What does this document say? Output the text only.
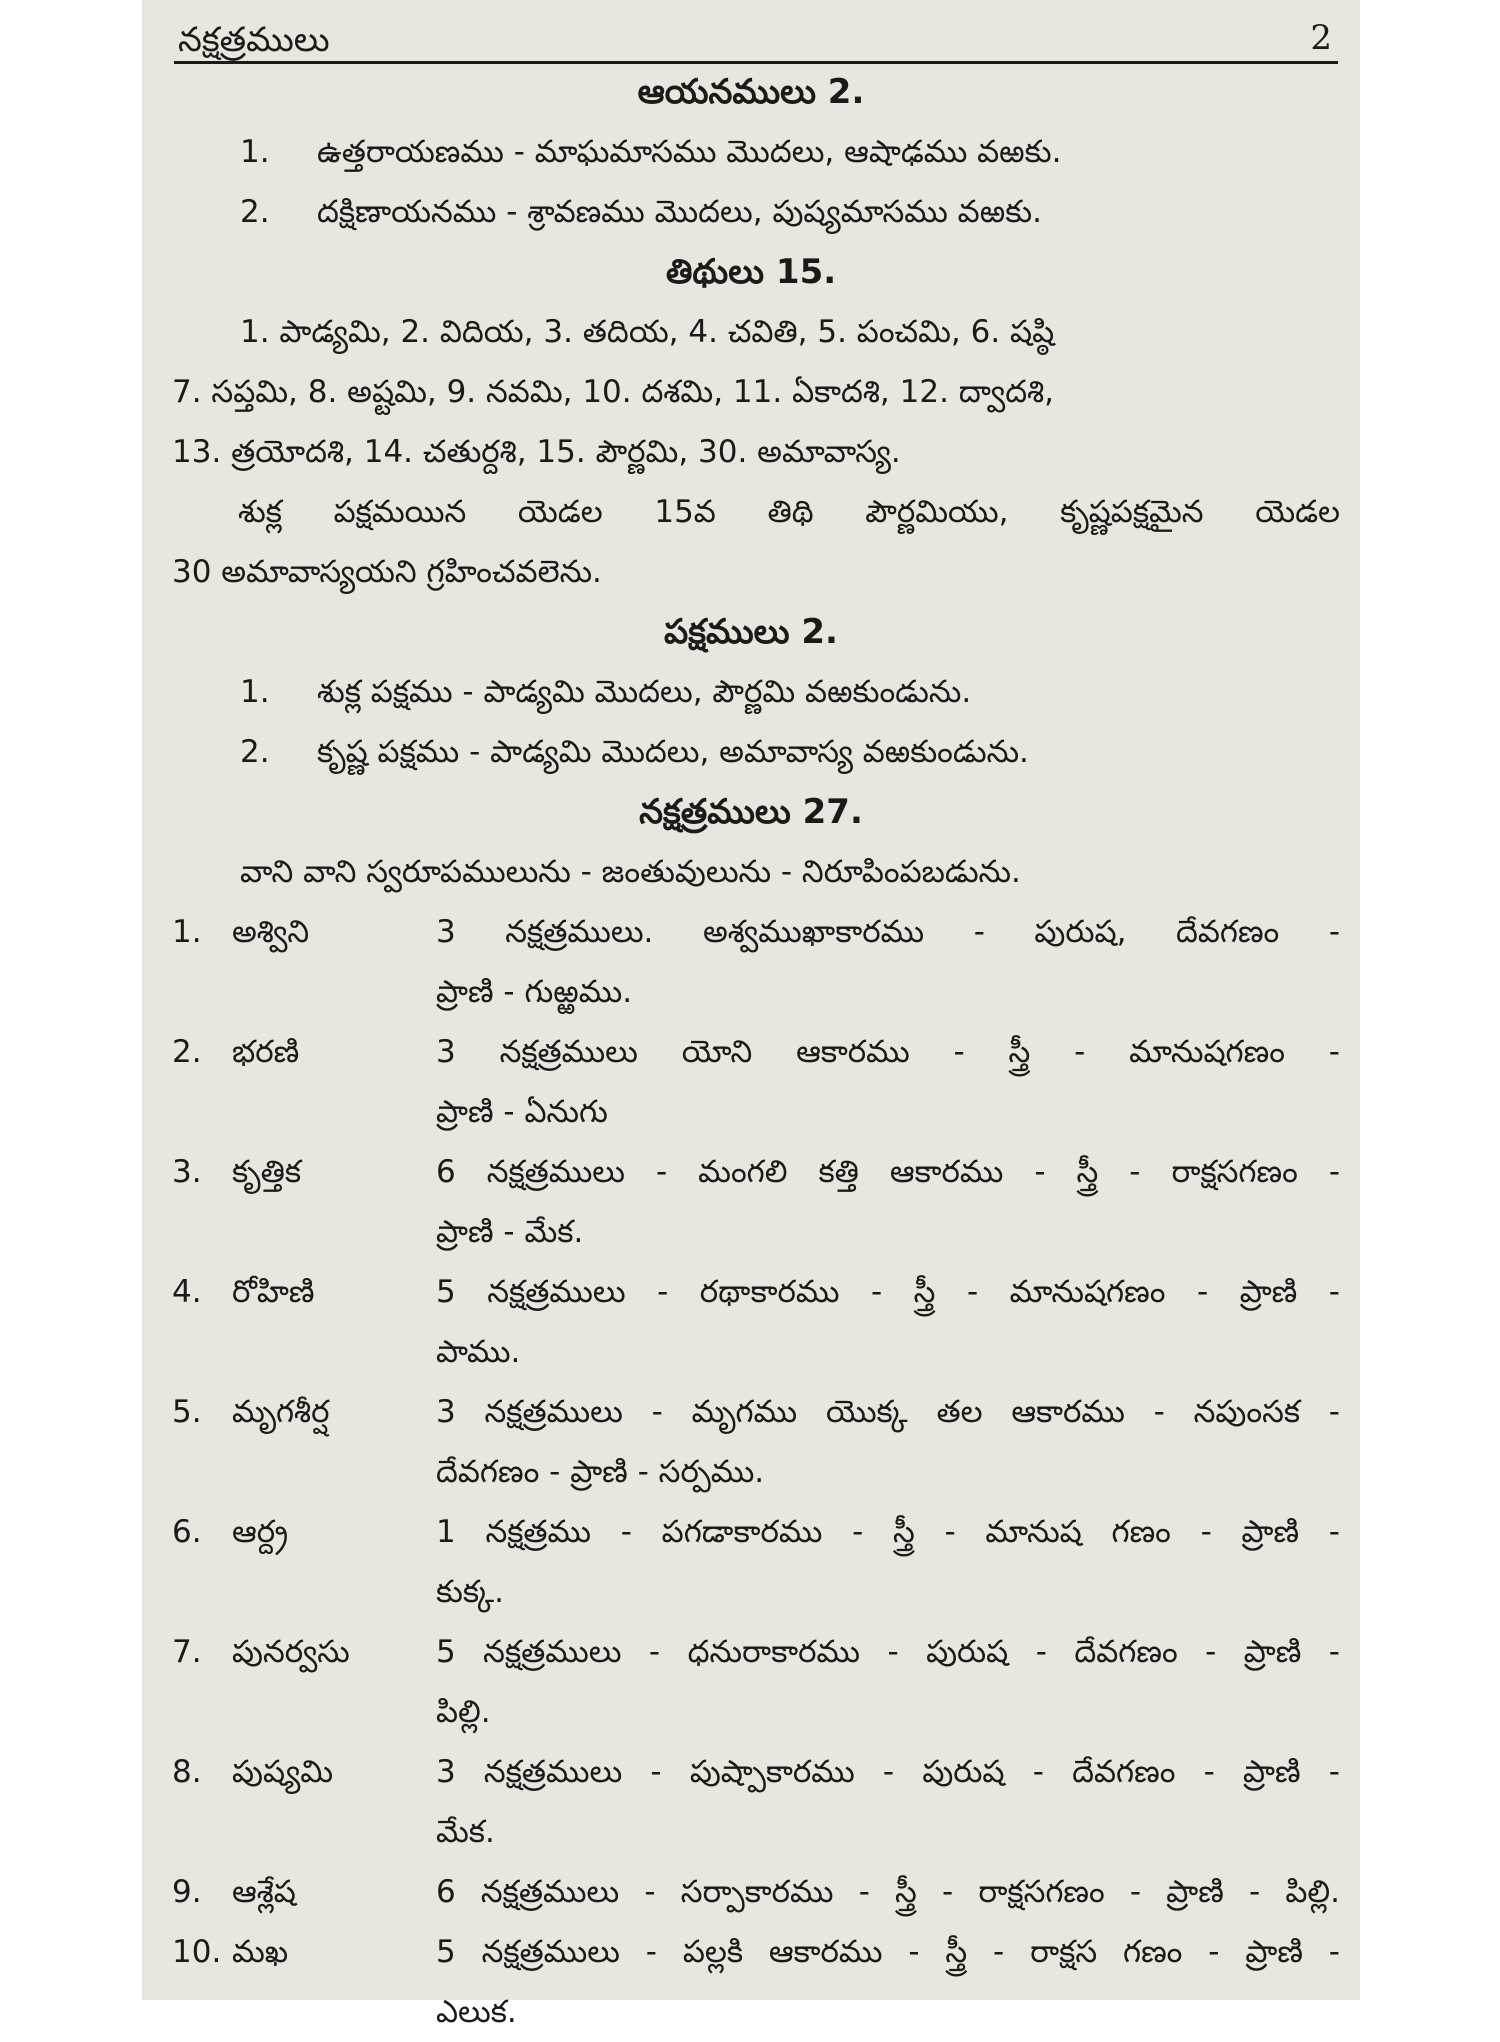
నక్షత్రములు	2
ఆయనములు 2.
1. ఉత్తరాయణము - మాఘమాసము మొదలు, ఆషాఢము వఱకు.
2. దక్షిణాయనము - శ్రావణము మొదలు, పుష్యమాసము వఱకు.
తిథులు 15.
1. పాడ్యమి, 2. విదియ, 3. తదియ, 4. చవితి, 5. పంచమి, 6. షష్ఠి
7. సప్తమి, 8. అష్టమి, 9. నవమి, 10. దశమి, 11. ఏకాదశి, 12. ద్వాదశి,
13. త్రయోదశి, 14. చతుర్దశి, 15. పౌర్ణమి, 30. అమావాస్య.
శుక్ల పక్షమయిన యెడల 15వ తిథి పౌర్ణమియు, కృష్ణపక్షమైన యెడల
30 అమావాస్యయని గ్రహించవలెను.
పక్షములు 2.
1. శుక్ల పక్షము - పాడ్యమి మొదలు, పౌర్ణమి వఱకుండును.
2. కృష్ణ పక్షము - పాడ్యమి మొదలు, అమావాస్య వఱకుండును.
నక్షత్రములు 27.
వాని వాని స్వరూపములును - జంతువులును - నిరూపింపబడును.
1. అశ్విని	3 నక్షత్రములు. అశ్వముఖాకారము - పురుష, దేవగణం -
ప్రాణి - గుఱ్ఱము.
2. భరణి	3 నక్షత్రములు యోని ఆకారము - స్త్రీ - మానుషగణం -
ప్రాణి - ఏనుగు
3. కృత్తిక	6 నక్షత్రములు - మంగలి కత్తి ఆకారము - స్త్రీ - రాక్షసగణం -
ప్రాణి - మేక.
4. రోహిణి	5 నక్షత్రములు - రథాకారము - స్త్రీ - మానుషగణం - ప్రాణి -
పాము.
5. మృగశీర్ష	3 నక్షత్రములు - మృగము యొక్క తల ఆకారము - నపుంసక -
దేవగణం - ప్రాణి - సర్పము.
6. ఆర్ద్ర	1 నక్షత్రము - పగడాకారము - స్త్రీ - మానుష గణం - ప్రాణి -
కుక్క.
7. పునర్వసు	5 నక్షత్రములు - ధనురాకారము - పురుష - దేవగణం - ప్రాణి -
పిల్లి.
8. పుష్యమి	3 నక్షత్రములు - పుష్పాకారము - పురుష - దేవగణం - ప్రాణి -
మేక.
9. ఆశ్లేష	6 నక్షత్రములు - సర్పాకారము - స్త్రీ - రాక్షసగణం - ప్రాణి - పిల్లి.
10. మఖ	5 నక్షత్రములు - పల్లకి ఆకారము - స్త్రీ - రాక్షస గణం - ప్రాణి -
ఎలుక.
